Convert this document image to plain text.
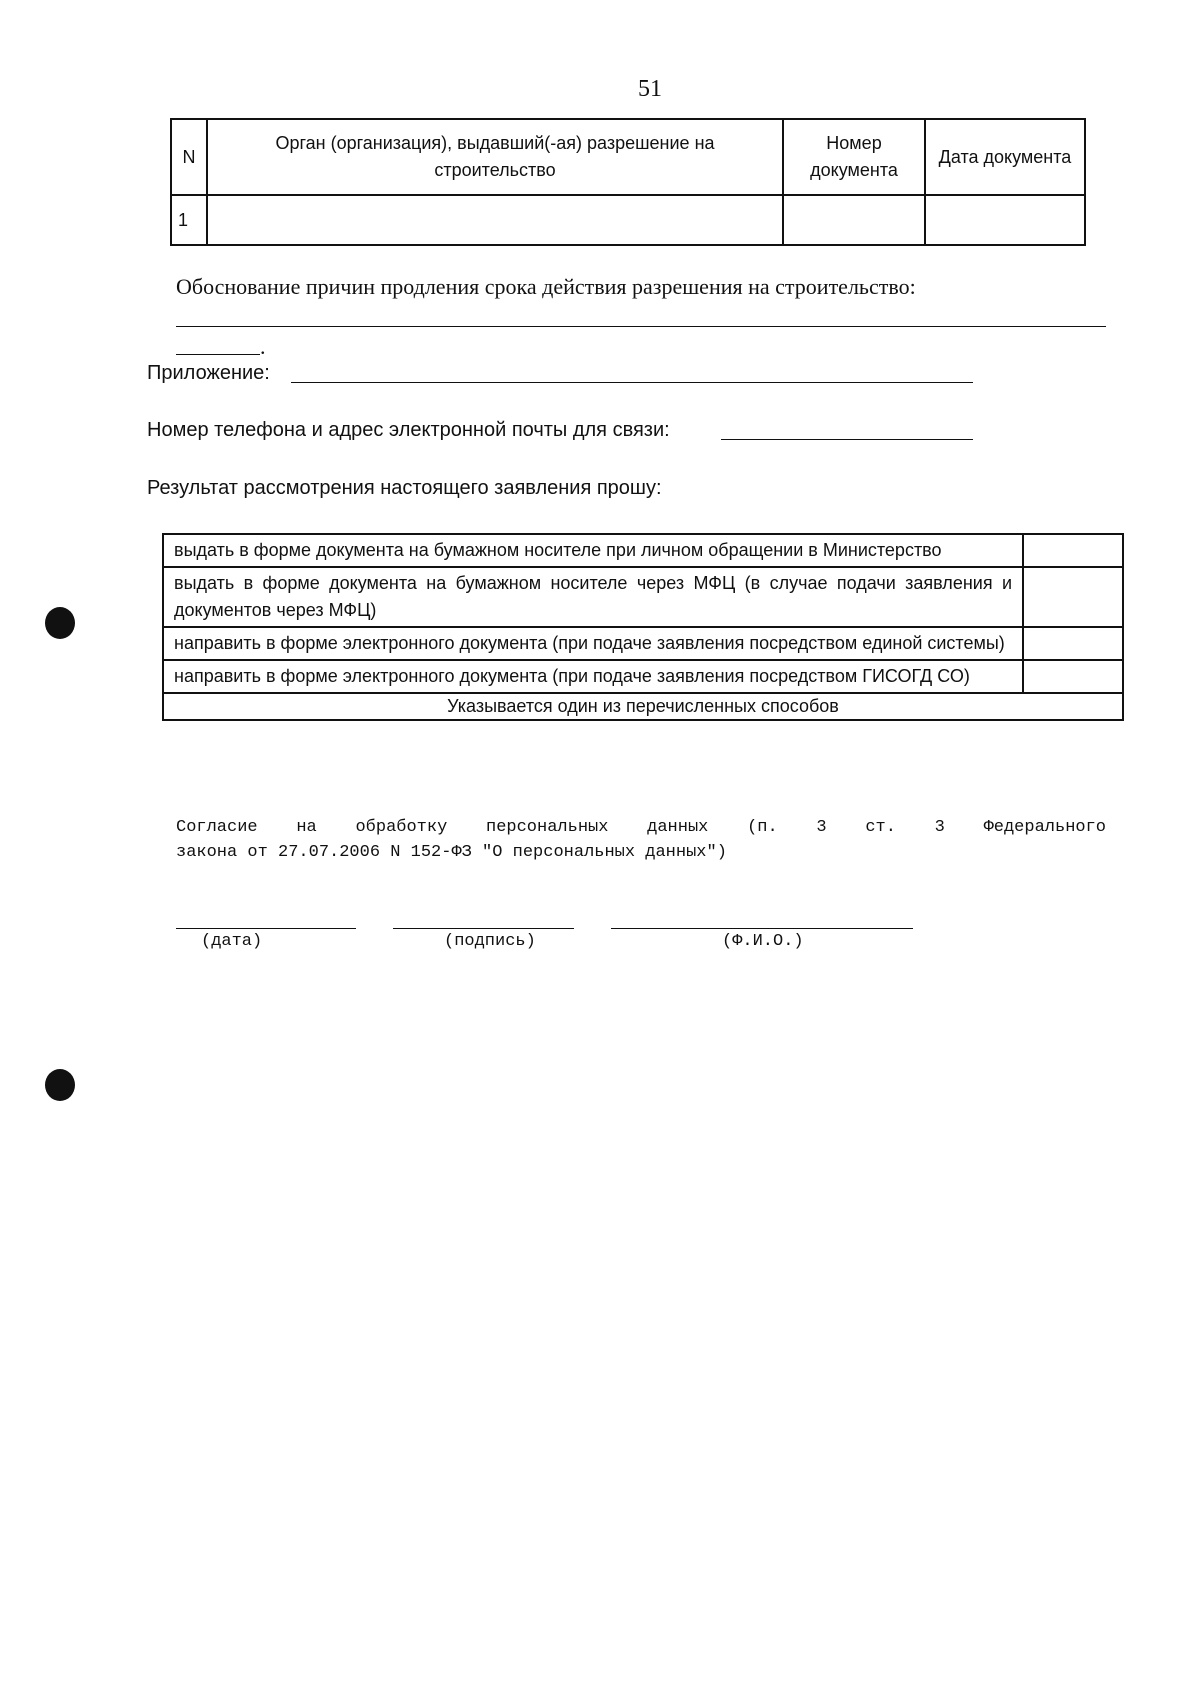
51
N	Орган (организация), выдавший(-ая) разрешение на строительство	Номер документа	Дата документа
1			
Обоснование причин продления срока действия разрешения на строительство:
.
Приложение:
Номер телефона и адрес электронной почты для связи:
Результат рассмотрения настоящего заявления прошу:
выдать в форме документа на бумажном носителе при личном обращении в Министерство	
выдать в форме документа на бумажном носителе через МФЦ (в случае подачи заявления и документов через МФЦ)	
направить в форме электронного документа (при подаче заявления посредством единой системы)	
направить в форме электронного документа (при подаче заявления посредством ГИСОГД СО)	
Указывается один из перечисленных способов	
Согласие на обработку персональных данных (п. 3 ст. 3 Федерального
закона от 27.07.2006 N 152-ФЗ "О персональных данных")
(дата)	(подпись)	(Ф.И.О.)
